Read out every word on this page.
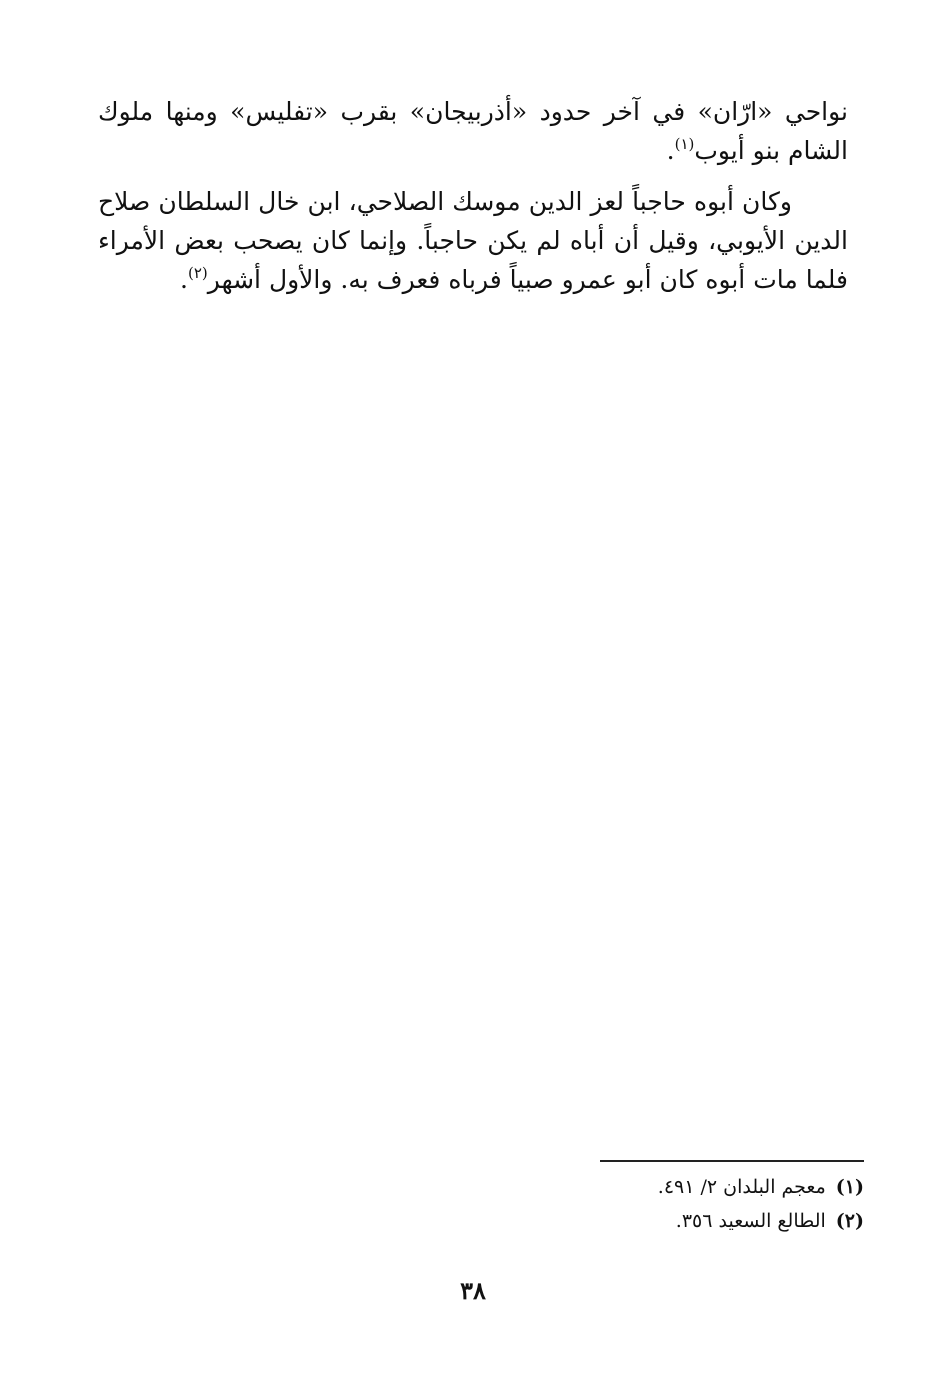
نواحي «ارّان» في آخر حدود «أذربيجان» بقرب «تفليس» ومنها ملوك الشام بنو أيوب$^{(١)}$.

وكان أبوه حاجباً لعز الدين موسك الصلاحي، ابن خال السلطان صلاح الدين الأيوبي، وقيل أن أباه لم يكن حاجباً. وإنما كان يصحب بعض الأمراء فلما مات أبوه كان أبو عمرو صبياً فرباه فعرف به. والأول أشهر$^{(٢)}$.

(١)معجم البلدان ٢/ ٤٩١.
(٢)الطالع السعيد ٣٥٦.
٣٨
